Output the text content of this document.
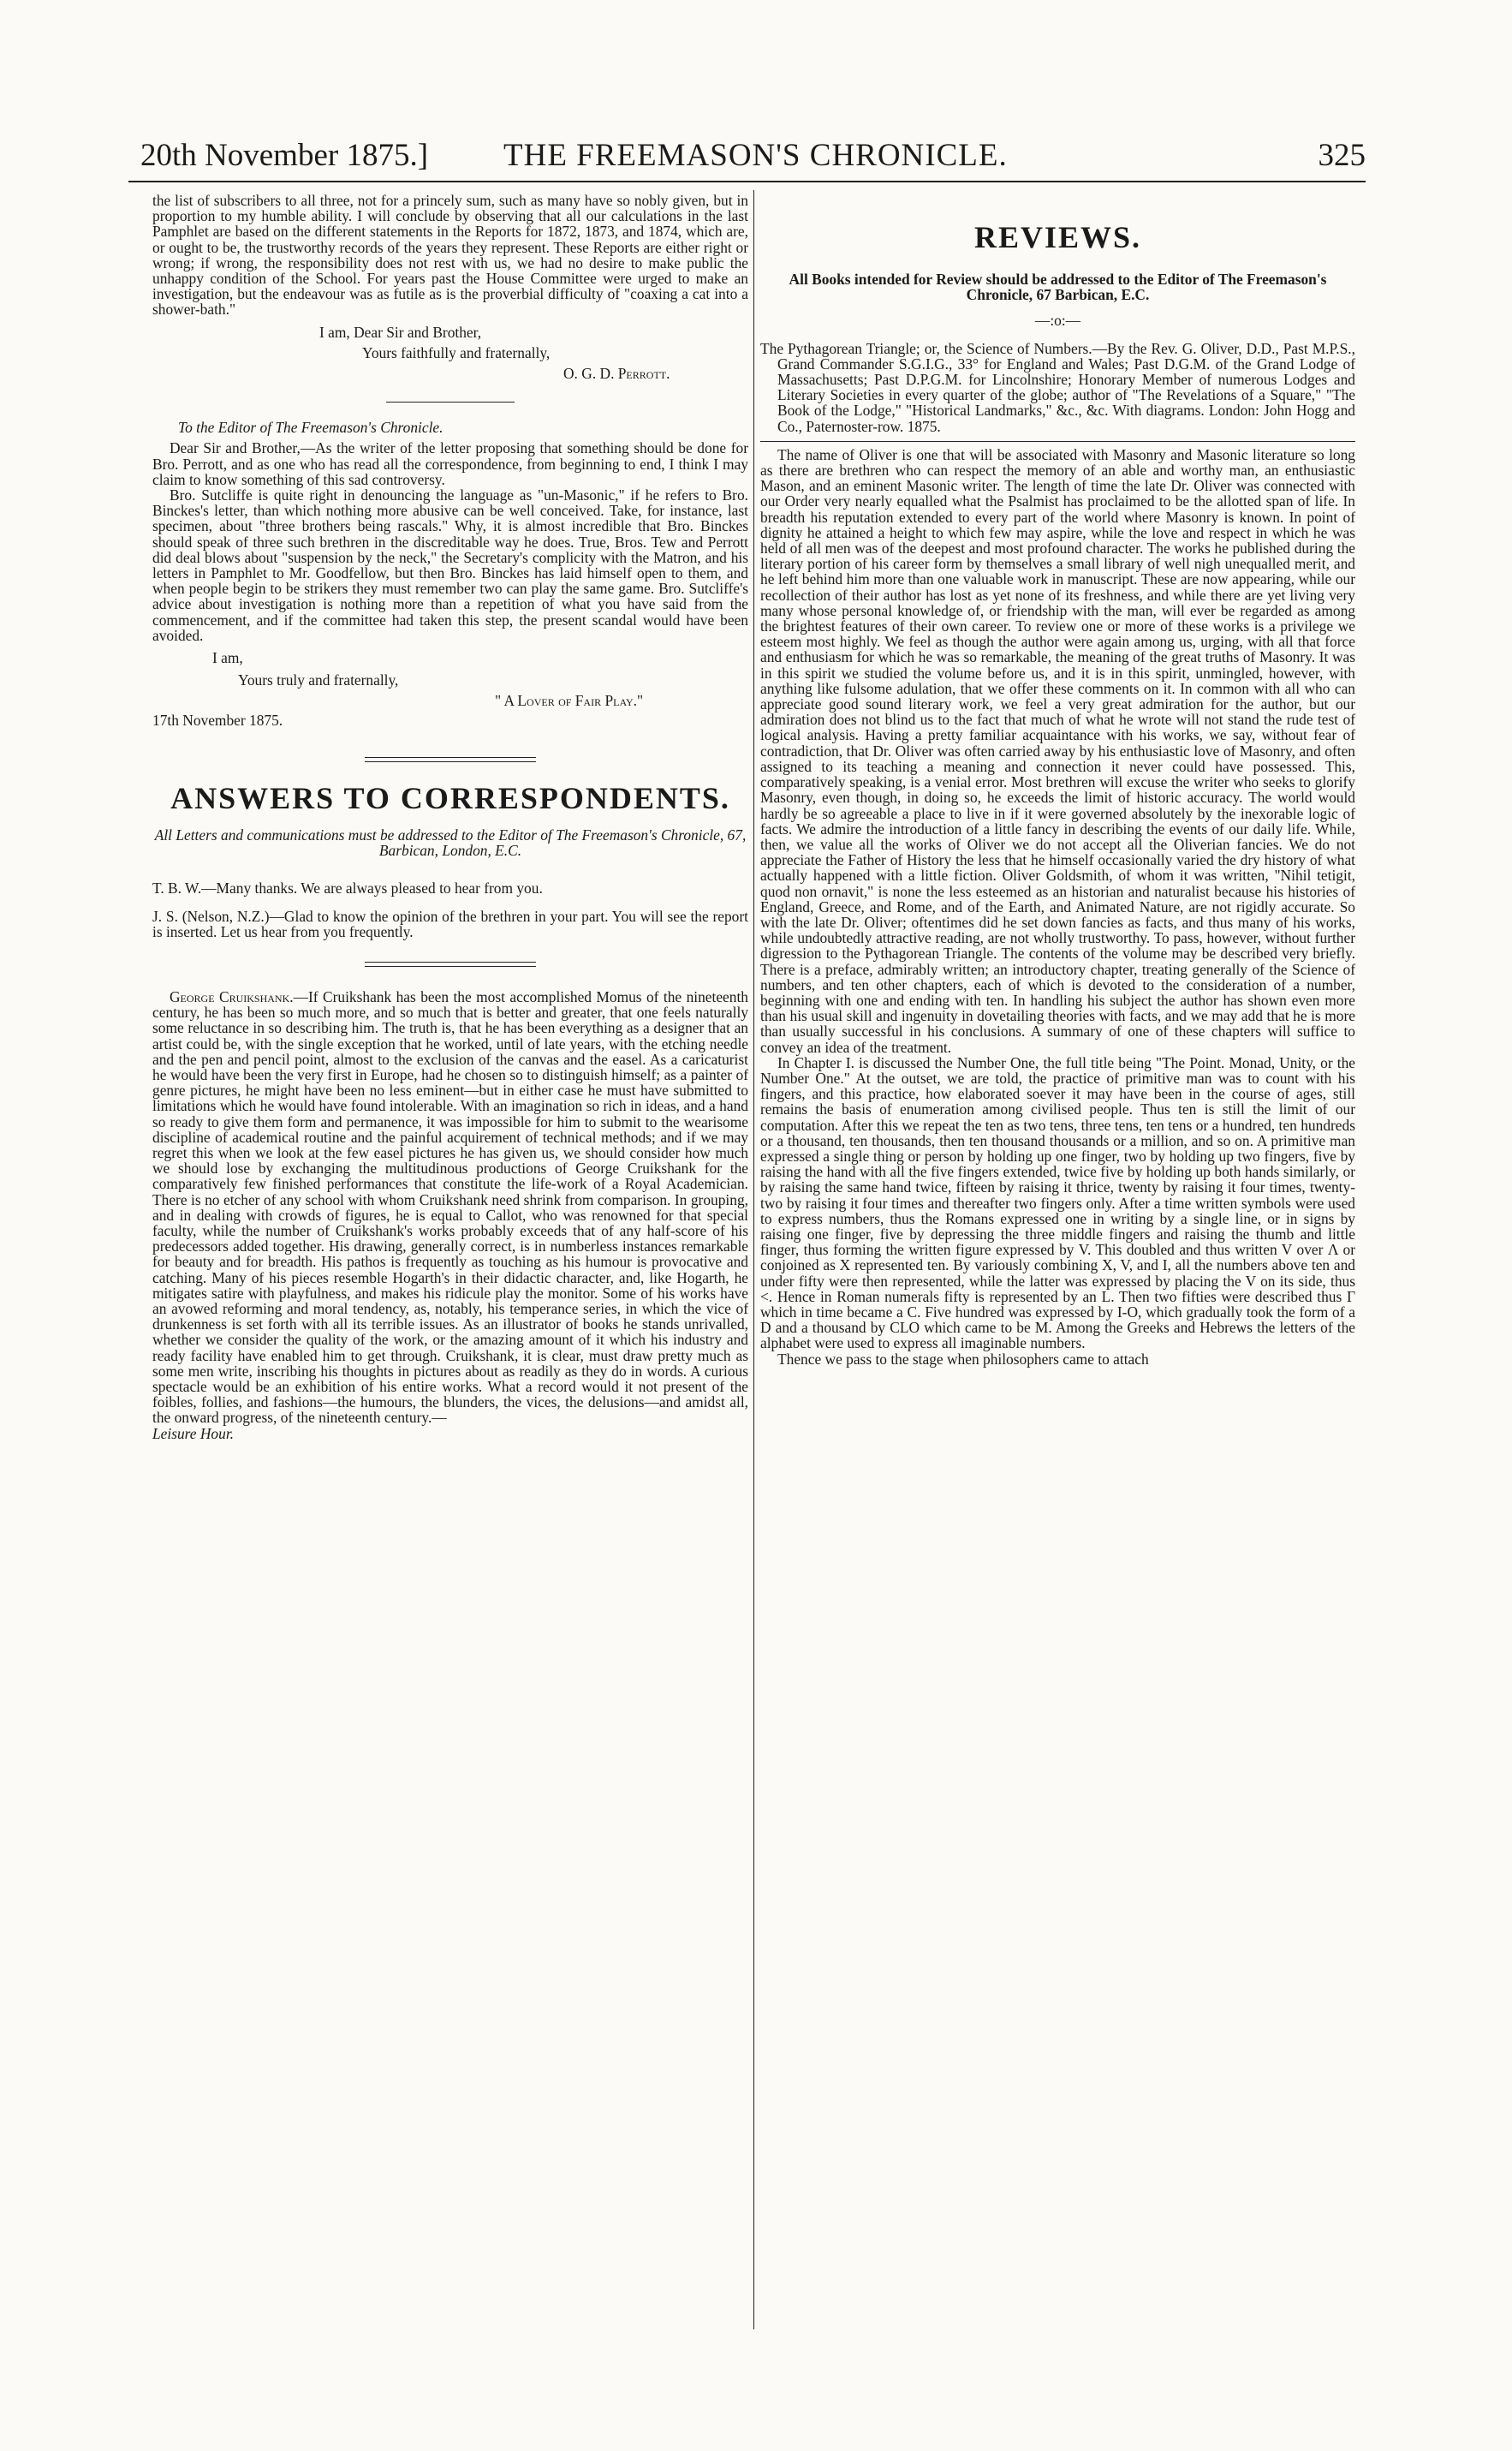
20th November 1875.] THE FREEMASON'S CHRONICLE.	325

the list of subscribers to all three, not for a princely sum, such as many have so nobly given, but in proportion to my humble ability. I will conclude by observing that all our calculations in the last Pamphlet are based on the different statements in the Reports for 1872, 1873, and 1874, which are, or ought to be, the trustworthy records of the years they represent. These Reports are either right or wrong; if wrong, the responsibility does not rest with us, we had no desire to make public the unhappy condition of the School. For years past the House Committee were urged to make an investigation, but the endeavour was as futile as is the proverbial difficulty of "coaxing a cat into a shower-bath."

I am, Dear Sir and Brother,

Yours faithfully and fraternally,

O. G. D. Perrott.

To the Editor of The Freemason's Chronicle.

Dear Sir and Brother,—As the writer of the letter proposing that something should be done for Bro. Perrott, and as one who has read all the correspondence, from beginning to end, I think I may claim to know something of this sad controversy.

Bro. Sutcliffe is quite right in denouncing the language as "un-Masonic," if he refers to Bro. Binckes's letter, than which nothing more abusive can be well conceived. Take, for instance, last specimen, about "three brothers being rascals." Why, it is almost incredible that Bro. Binckes should speak of three such brethren in the discreditable way he does. True, Bros. Tew and Perrott did deal blows about "suspension by the neck," the Secretary's complicity with the Matron, and his letters in Pamphlet to Mr. Goodfellow, but then Bro. Binckes has laid himself open to them, and when people begin to be strikers they must remember two can play the same game. Bro. Sutcliffe's advice about investigation is nothing more than a repetition of what you have said from the commencement, and if the committee had taken this step, the present scandal would have been avoided.

I am,

Yours truly and fraternally,

" A Lover of Fair Play."

17th November 1875.

ANSWERS TO CORRESPONDENTS.

All Letters and communications must be addressed to the Editor of The Freemason's Chronicle, 67, Barbican, London, E.C.

T. B. W.—Many thanks. We are always pleased to hear from you.

J. S. (Nelson, N.Z.)—Glad to know the opinion of the brethren in your part. You will see the report is inserted. Let us hear from you frequently.

George Cruikshank.—If Cruikshank has been the most accomplished Momus of the nineteenth century, he has been so much more, and so much that is better and greater, that one feels naturally some reluctance in so describing him. The truth is, that he has been everything as a designer that an artist could be, with the single exception that he worked, until of late years, with the etching needle and the pen and pencil point, almost to the exclusion of the canvas and the easel. As a caricaturist he would have been the very first in Europe, had he chosen so to distinguish himself; as a painter of genre pictures, he might have been no less eminent—but in either case he must have submitted to limitations which he would have found intolerable. With an imagination so rich in ideas, and a hand so ready to give them form and permanence, it was impossible for him to submit to the wearisome discipline of academical routine and the painful acquirement of technical methods; and if we may regret this when we look at the few easel pictures he has given us, we should consider how much we should lose by exchanging the multitudinous productions of George Cruikshank for the comparatively few finished performances that constitute the life-work of a Royal Academician. There is no etcher of any school with whom Cruikshank need shrink from comparison. In grouping, and in dealing with crowds of figures, he is equal to Callot, who was renowned for that special faculty, while the number of Cruikshank's works probably exceeds that of any half-score of his predecessors added together. His drawing, generally correct, is in numberless instances remarkable for beauty and for breadth. His pathos is frequently as touching as his humour is provocative and catching. Many of his pieces resemble Hogarth's in their didactic character, and, like Hogarth, he mitigates satire with playfulness, and makes his ridicule play the monitor. Some of his works have an avowed reforming and moral tendency, as, notably, his temperance series, in which the vice of drunkenness is set forth with all its terrible issues. As an illustrator of books he stands unrivalled, whether we consider the quality of the work, or the amazing amount of it which his industry and ready facility have enabled him to get through. Cruikshank, it is clear, must draw pretty much as some men write, inscribing his thoughts in pictures about as readily as they do in words. A curious spectacle would be an exhibition of his entire works. What a record would it not present of the foibles, follies, and fashions—the humours, the blunders, the vices, the delusions—and amidst all, the onward progress, of the nineteenth century.—

Leisure Hour.

REVIEWS.

All Books intended for Review should be addressed to the Editor of The Freemason's Chronicle, 67 Barbican, E.C.

—:o:—

The Pythagorean Triangle; or, the Science of Numbers.—By the Rev. G. Oliver, D.D., Past M.P.S., Grand Commander S.G.I.G., 33° for England and Wales; Past D.G.M. of the Grand Lodge of Massachusetts; Past D.P.G.M. for Lincolnshire; Honorary Member of numerous Lodges and Literary Societies in every quarter of the globe; author of "The Revelations of a Square," "The Book of the Lodge," "Historical Landmarks," &c., &c. With diagrams. London: John Hogg and Co., Paternoster-row. 1875.

The name of Oliver is one that will be associated with Masonry and Masonic literature so long as there are brethren who can respect the memory of an able and worthy man, an enthusiastic Mason, and an eminent Masonic writer. The length of time the late Dr. Oliver was connected with our Order very nearly equalled what the Psalmist has proclaimed to be the allotted span of life. In breadth his reputation extended to every part of the world where Masonry is known. In point of dignity he attained a height to which few may aspire, while the love and respect in which he was held of all men was of the deepest and most profound character. The works he published during the literary portion of his career form by themselves a small library of well nigh unequalled merit, and he left behind him more than one valuable work in manuscript. These are now appearing, while our recollection of their author has lost as yet none of its freshness, and while there are yet living very many whose personal knowledge of, or friendship with the man, will ever be regarded as among the brightest features of their own career. To review one or more of these works is a privilege we esteem most highly. We feel as though the author were again among us, urging, with all that force and enthusiasm for which he was so remarkable, the meaning of the great truths of Masonry. It was in this spirit we studied the volume before us, and it is in this spirit, unmingled, however, with anything like fulsome adulation, that we offer these comments on it. In common with all who can appreciate good sound literary work, we feel a very great admiration for the author, but our admiration does not blind us to the fact that much of what he wrote will not stand the rude test of logical analysis. Having a pretty familiar acquaintance with his works, we say, without fear of contradiction, that Dr. Oliver was often carried away by his enthusiastic love of Masonry, and often assigned to its teaching a meaning and connection it never could have possessed. This, comparatively speaking, is a venial error. Most brethren will excuse the writer who seeks to glorify Masonry, even though, in doing so, he exceeds the limit of historic accuracy. The world would hardly be so agreeable a place to live in if it were governed absolutely by the inexorable logic of facts. We admire the introduction of a little fancy in describing the events of our daily life. While, then, we value all the works of Oliver we do not accept all the Oliverian fancies. We do not appreciate the Father of History the less that he himself occasionally varied the dry history of what actually happened with a little fiction. Oliver Goldsmith, of whom it was written, "Nihil tetigit, quod non ornavit," is none the less esteemed as an historian and naturalist because his histories of England, Greece, and Rome, and of the Earth, and Animated Nature, are not rigidly accurate. So with the late Dr. Oliver; oftentimes did he set down fancies as facts, and thus many of his works, while undoubtedly attractive reading, are not wholly trustworthy. To pass, however, without further digression to the Pythagorean Triangle. The contents of the volume may be described very briefly. There is a preface, admirably written; an introductory chapter, treating generally of the Science of numbers, and ten other chapters, each of which is devoted to the consideration of a number, beginning with one and ending with ten. In handling his subject the author has shown even more than his usual skill and ingenuity in dovetailing theories with facts, and we may add that he is more than usually successful in his conclusions. A summary of one of these chapters will suffice to convey an idea of the treatment.

In Chapter I. is discussed the Number One, the full title being "The Point. Monad, Unity, or the Number One." At the outset, we are told, the practice of primitive man was to count with his fingers, and this practice, how elaborated soever it may have been in the course of ages, still remains the basis of enumeration among civilised people. Thus ten is still the limit of our computation. After this we repeat the ten as two tens, three tens, ten tens or a hundred, ten hundreds or a thousand, ten thousands, then ten thousand thousands or a million, and so on. A primitive man expressed a single thing or person by holding up one finger, two by holding up two fingers, five by raising the hand with all the five fingers extended, twice five by holding up both hands similarly, or by raising the same hand twice, fifteen by raising it thrice, twenty by raising it four times, twenty-two by raising it four times and thereafter two fingers only. After a time written symbols were used to express numbers, thus the Romans expressed one in writing by a single line, or in signs by raising one finger, five by depressing the three middle fingers and raising the thumb and little finger, thus forming the written figure expressed by V. This doubled and thus written V over Λ or conjoined as X represented ten. By variously combining X, V, and I, all the numbers above ten and under fifty were then represented, while the latter was expressed by placing the V on its side, thus <. Hence in Roman numerals fifty is represented by an L. Then two fifties were described thus Γ which in time became a C. Five hundred was expressed by I-O, which gradually took the form of a D and a thousand by CLO which came to be M. Among the Greeks and Hebrews the letters of the alphabet were used to express all imaginable numbers.

Thence we pass to the stage when philosophers came to attach
